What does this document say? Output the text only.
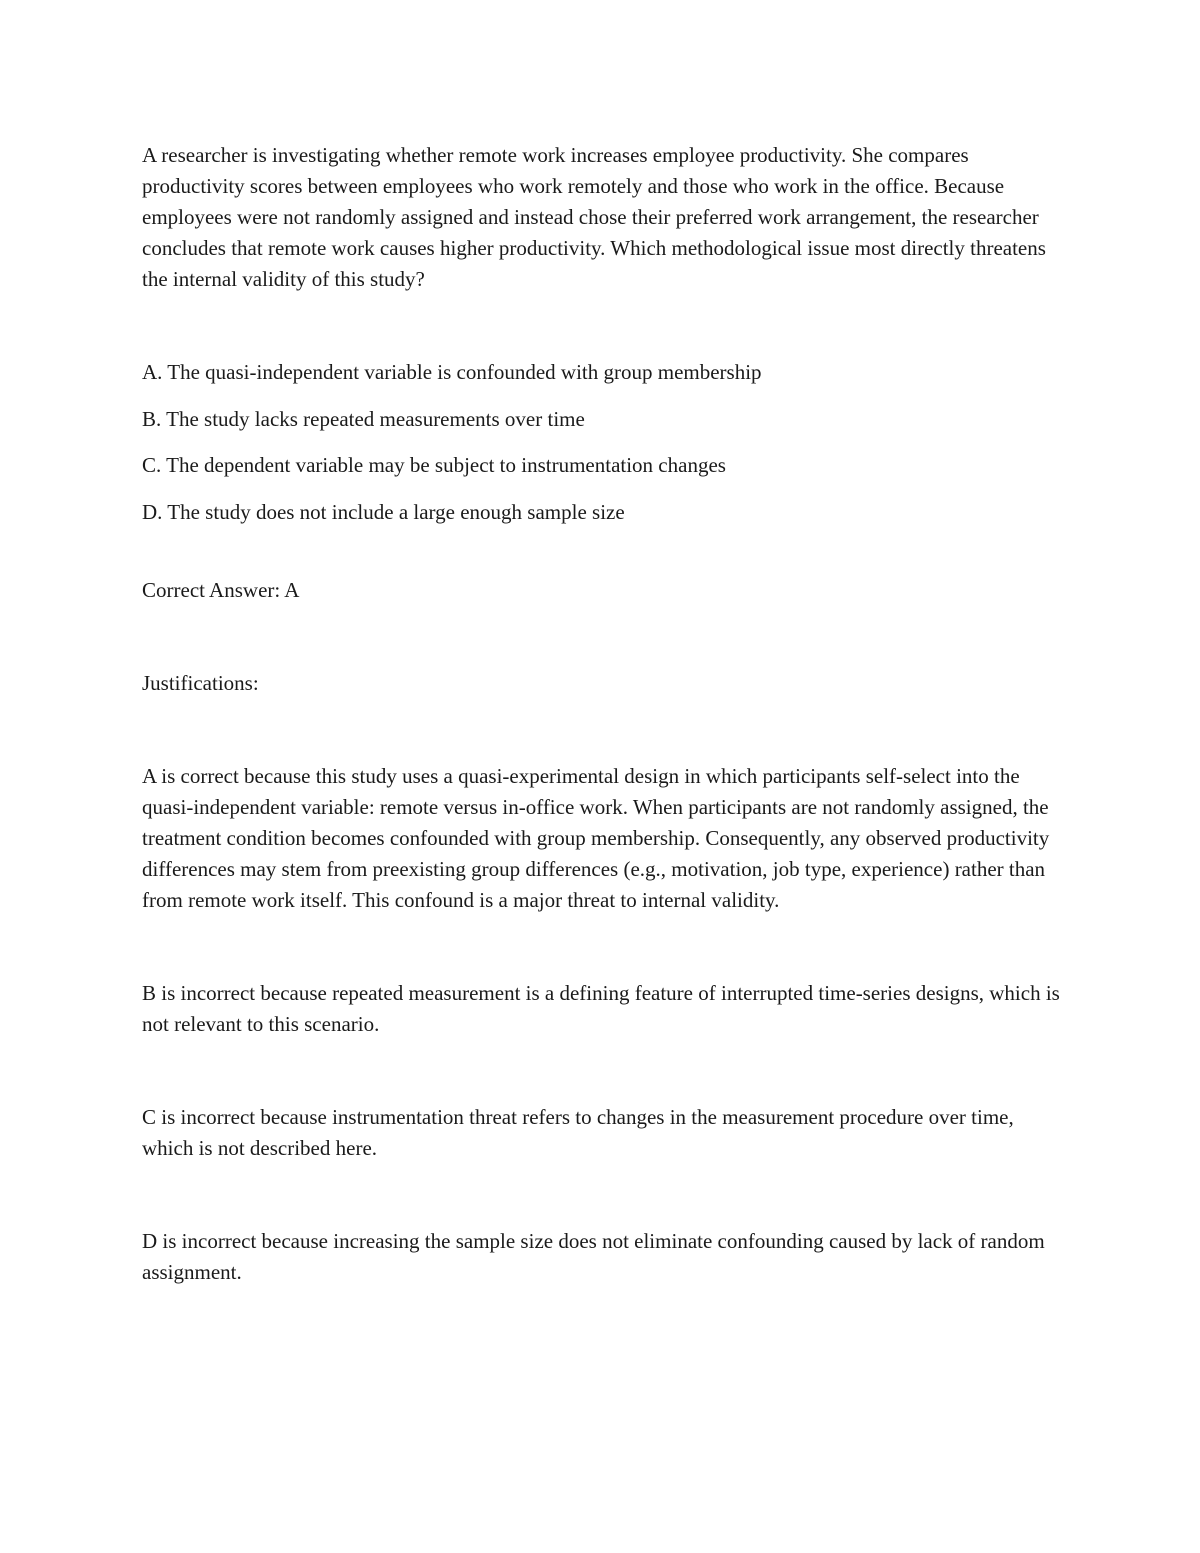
A researcher is investigating whether remote work increases employee productivity. She compares productivity scores between employees who work remotely and those who work in the office. Because employees were not randomly assigned and instead chose their preferred work arrangement, the researcher concludes that remote work causes higher productivity. Which methodological issue most directly threatens the internal validity of this study?

A. The quasi-independent variable is confounded with group membership

B. The study lacks repeated measurements over time

C. The dependent variable may be subject to instrumentation changes

D. The study does not include a large enough sample size

Correct Answer: A

Justifications:

A is correct because this study uses a quasi-experimental design in which participants self-select into the quasi-independent variable: remote versus in-office work. When participants are not randomly assigned, the treatment condition becomes confounded with group membership. Consequently, any observed productivity differences may stem from preexisting group differences (e.g., motivation, job type, experience) rather than from remote work itself. This confound is a major threat to internal validity.

B is incorrect because repeated measurement is a defining feature of interrupted time-series designs, which is not relevant to this scenario.

C is incorrect because instrumentation threat refers to changes in the measurement procedure over time, which is not described here.

D is incorrect because increasing the sample size does not eliminate confounding caused by lack of random assignment.
